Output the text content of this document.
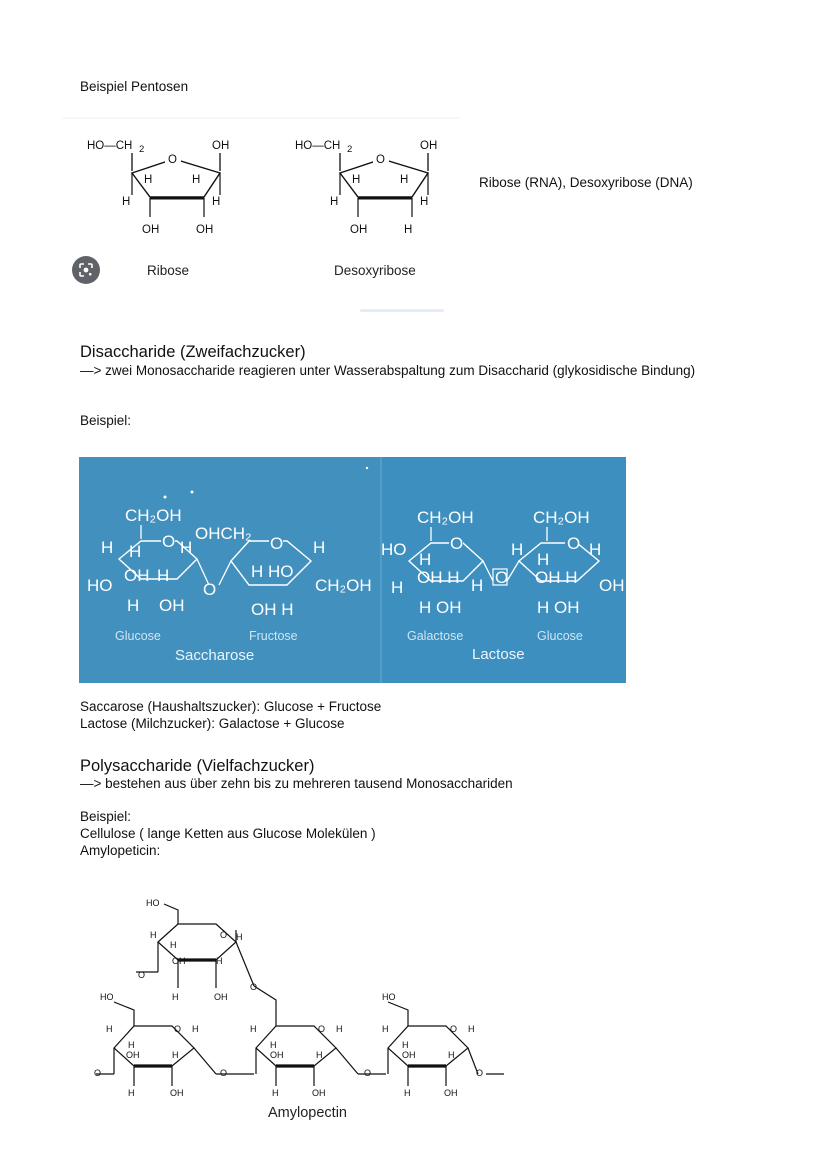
Beispiel Pentosen
HO—CH 2	OH
O
H	H
H	H
OH	OH
Ribose
HO—CH 2	OH
O
H	H
H	H
OH	H
Desoxyribose
Ribose (RNA), Desoxyribose (DNA)
Disaccharide (Zweifachzucker)
—> zwei Monosaccharide reagieren unter Wasserabspaltung zum Disaccharid (glykosidische Bindung)
Beispiel:
CH₂OH
O H
H H
OH H
HO
H OH
O
OHCH₂
O H
H HO
CH₂OH
OH H
Glucose	Fructose
Saccharose
CH₂OH
O
HO
H
OH H
H	H
H OH
O
CH₂OH
O H
H
H
OH H OH
H OH
Galactose	Glucose
Lactose
Saccarose (Haushaltszucker): Glucose + Fructose
Lactose (Milchzucker): Galactose + Glucose
Polysaccharide (Vielfachzucker)
—> bestehen aus über zehn bis zu mehreren tausend Monosacchariden
Beispiel:
Cellulose ( lange Ketten aus Glucose Molekülen )
Amylopeticin:
HO
H
H
O H
OH	H
O
H	OH
O
HO
H
H
O H
OH	H
O	O
H	OH
H
H
O H
OH	H
H	OH
O
HO
H
H
O H
OH	H
O
H	OH
Amylopectin
